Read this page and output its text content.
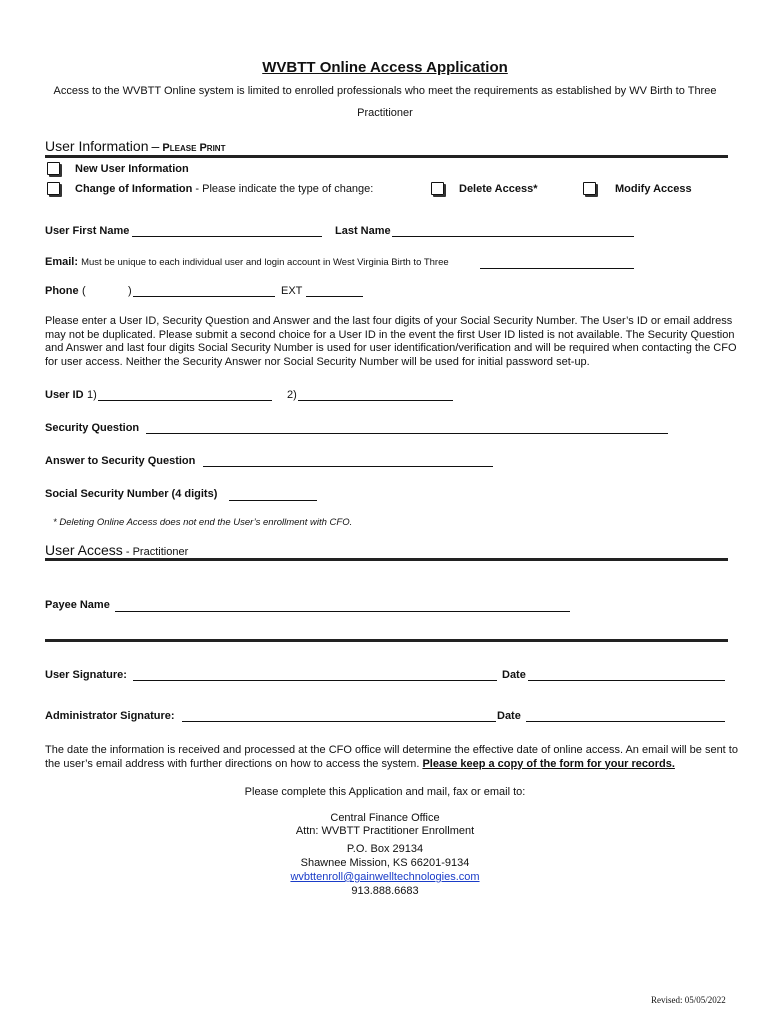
WVBTT Online Access Application
Access to the WVBTT Online system is limited to enrolled professionals who meet the requirements as established by WV Birth to Three
Practitioner
User Information – Please Print
New User Information
Change of Information - Please indicate the type of change:	Delete Access*	Modify Access
User First Name	Last Name
Email: Must be unique to each individual user and login account in West Virginia Birth to Three
Phone (	)	EXT
Please enter a User ID, Security Question and Answer and the last four digits of your Social Security Number. The User’s ID or email address may not be duplicated. Please submit a second choice for a User ID in the event the first User ID listed is not available. The Security Question and Answer and last four digits Social Security Number is used for user identification/verification and will be required when contacting the CFO for user access. Neither the Security Answer nor Social Security Number will be used for initial password set-up.
User ID 1)	2)
Security Question
Answer to Security Question
Social Security Number (4 digits)
* Deleting Online Access does not end the User’s enrollment with CFO.
User Access - Practitioner
Payee Name
User Signature:	Date
Administrator Signature:	Date
The date the information is received and processed at the CFO office will determine the effective date of online access. An email will be sent to the user’s email address with further directions on how to access the system. Please keep a copy of the form for your records.
Please complete this Application and mail, fax or email to:
Central Finance Office
Attn: WVBTT Practitioner Enrollment
P.O. Box 29134
Shawnee Mission, KS 66201-9134
wvbttenroll@gainwelltechnologies.com
913.888.6683
Revised: 05/05/2022
